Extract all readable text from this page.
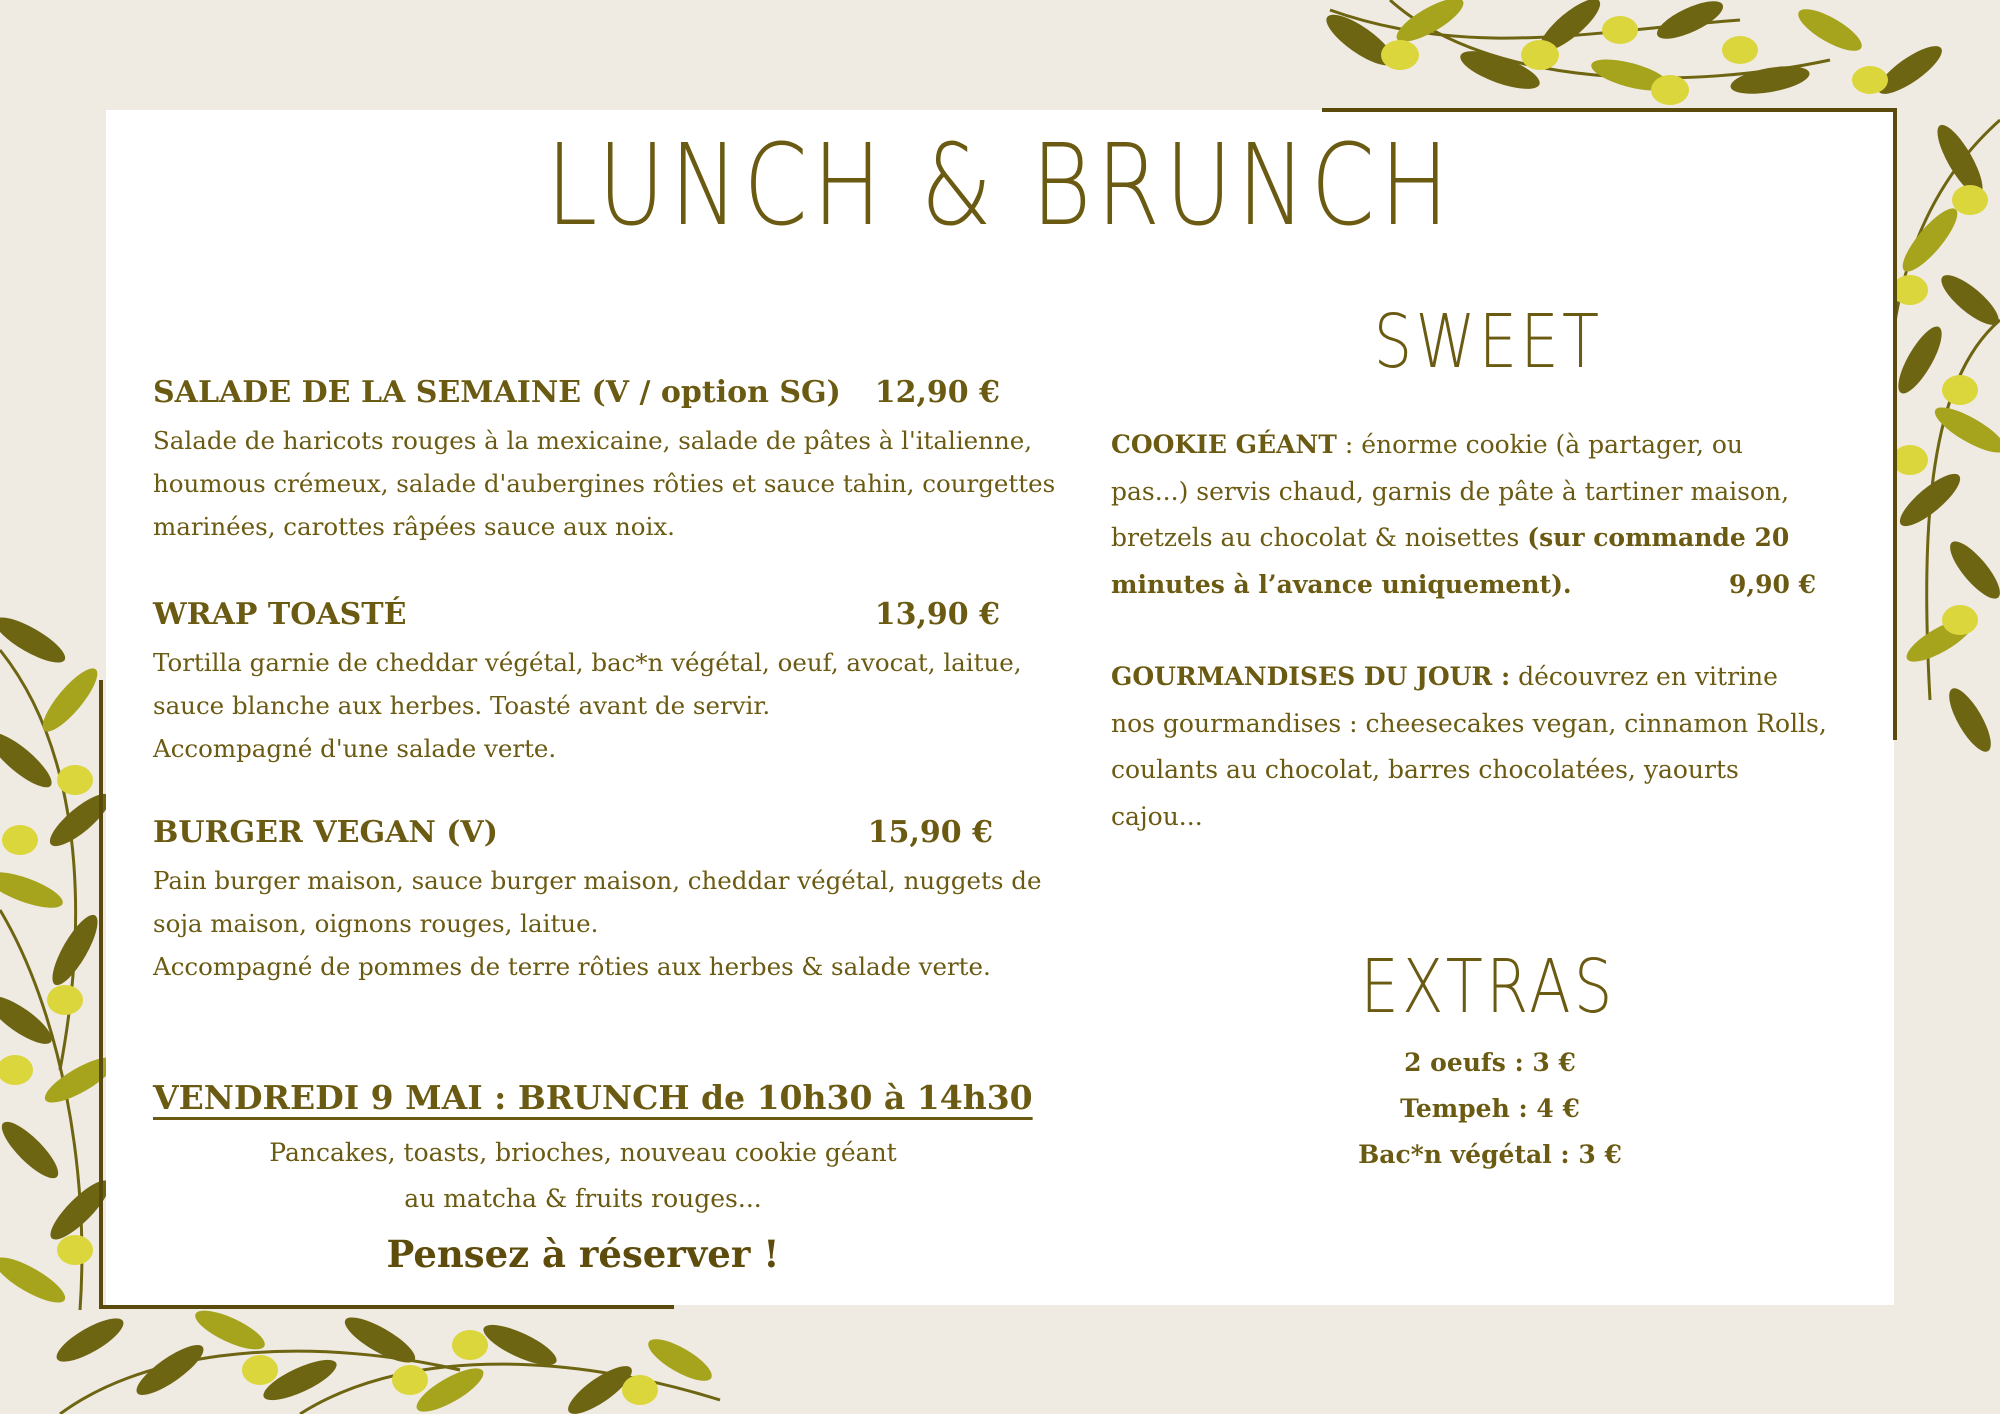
LUNCH & BRUNCH
SALADE DE LA SEMAINE (V / option SG) 12,90 €
Salade de haricots rouges à la mexicaine, salade de pâtes à l'italienne,
houmous crémeux, salade d'aubergines rôties et sauce tahin, courgettes
marinées, carottes râpées sauce aux noix.
WRAP TOASTÉ	13,90 €
Tortilla garnie de cheddar végétal, bac*n végétal, oeuf, avocat, laitue,
sauce blanche aux herbes. Toasté avant de servir.
Accompagné d'une salade verte.
BURGER VEGAN (V)	15,90 €
Pain burger maison, sauce burger maison, cheddar végétal, nuggets de
soja maison, oignons rouges, laitue.
Accompagné de pommes de terre rôties aux herbes & salade verte.
VENDREDI 9 MAI : BRUNCH de 10h30 à 14h30
Pancakes, toasts, brioches, nouveau cookie géant
au matcha & fruits rouges...
Pensez à réserver !
SWEET
COOKIE GÉANT : énorme cookie (à partager, ou
pas...) servis chaud, garnis de pâte à tartiner maison,
bretzels au chocolat & noisettes (sur commande 20
minutes à l’avance uniquement).	9,90 €
GOURMANDISES DU JOUR : découvrez en vitrine
nos gourmandises : cheesecakes vegan, cinnamon Rolls,
coulants au chocolat, barres chocolatées, yaourts cajou...
EXTRAS
2 oeufs : 3 €
Tempeh : 4 €
Bac*n végétal : 3 €
